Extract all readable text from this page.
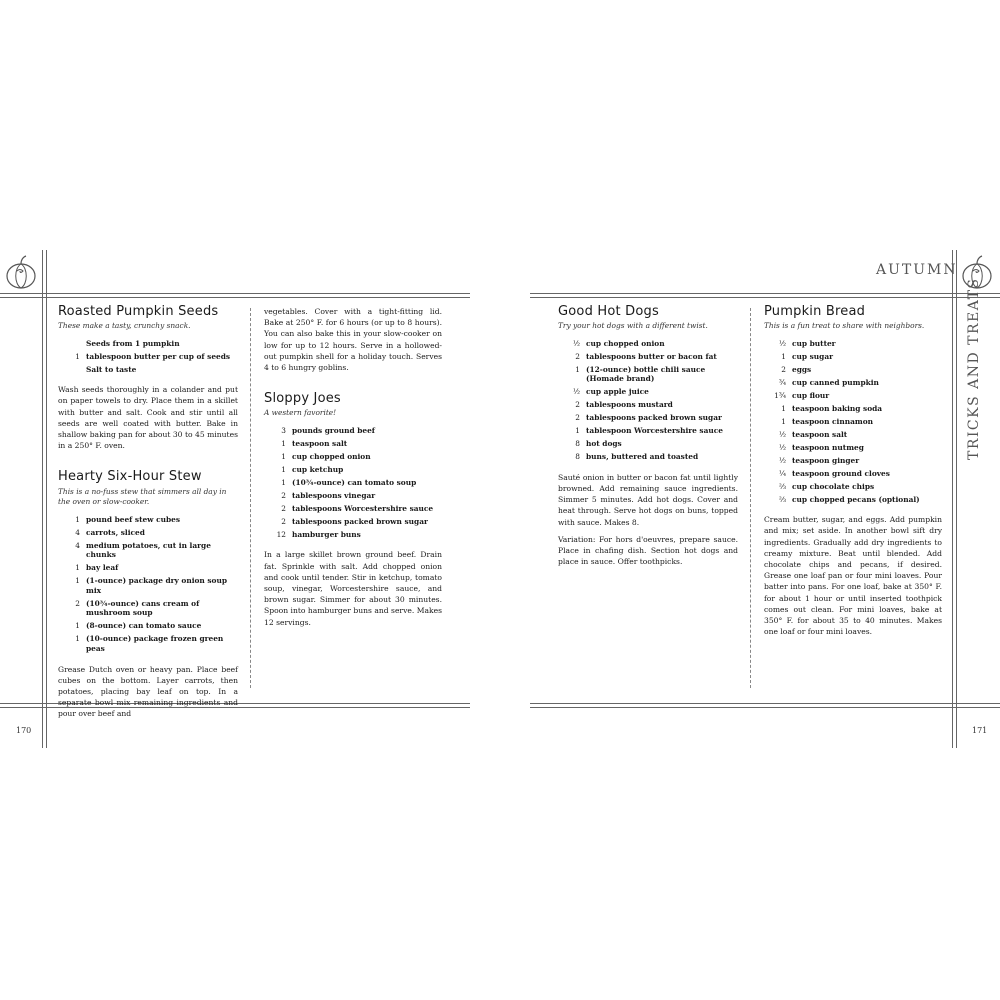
170	171
AUTUMN
TRICKS AND TREATS
Roasted Pumpkin Seeds

These make a tasty, crunchy snack.

Seeds from 1 pumpkin
1 tablespoon butter per cup of seeds
Salt to taste

Wash seeds thoroughly in a colander and put on paper towels to dry. Place them in a skillet with butter and salt. Cook and stir until all seeds are well coated with butter. Bake in shallow baking pan for about 30 to 45 minutes in a 250° F. oven.

Hearty Six-Hour Stew

This is a no-fuss stew that simmers all day in the oven or slow-cooker.

1 pound beef stew cubes
4 carrots, sliced
4 medium potatoes, cut in large chunks
1 bay leaf
1 (1-ounce) package dry onion soup mix
2 (10¾-ounce) cans cream of mushroom soup
1 (8-ounce) can tomato sauce
1 (10-ounce) package frozen green peas

Grease Dutch oven or heavy pan. Place beef cubes on the bottom. Layer carrots, then potatoes, placing bay leaf on top. In a separate bowl mix remaining ingredients and pour over beef and

vegetables. Cover with a tight-fitting lid. Bake at 250° F. for 6 hours (or up to 8 hours). You can also bake this in your slow-cooker on low for up to 12 hours. Serve in a hollowed-out pumpkin shell for a holiday touch. Serves 4 to 6 hungry goblins.

Sloppy Joes

A western favorite!

3 pounds ground beef
1 teaspoon salt
1 cup chopped onion
1 cup ketchup
1 (10¾-ounce) can tomato soup
2 tablespoons vinegar
2 tablespoons Worcestershire sauce
2 tablespoons packed brown sugar
12 hamburger buns

In a large skillet brown ground beef. Drain fat. Sprinkle with salt. Add chopped onion and cook until tender. Stir in ketchup, tomato soup, vinegar, Worcestershire sauce, and brown sugar. Simmer for about 30 minutes. Spoon into hamburger buns and serve. Makes 12 servings.

Good Hot Dogs

Try your hot dogs with a different twist.

½ cup chopped onion
2 tablespoons butter or bacon fat
1 (12-ounce) bottle chili sauce (Homade brand)
½ cup apple juice
2 tablespoons mustard
2 tablespoons packed brown sugar
1 tablespoon Worcestershire sauce
8 hot dogs
8 buns, buttered and toasted

Sauté onion in butter or bacon fat until lightly browned. Add remaining sauce ingredients. Simmer 5 minutes. Add hot dogs. Cover and heat through. Serve hot dogs on buns, topped with sauce. Makes 8.

Variation: For hors d'oeuvres, prepare sauce. Place in chafing dish. Section hot dogs and place in sauce. Offer toothpicks.

Pumpkin Bread

This is a fun treat to share with neighbors.

½ cup butter
1 cup sugar
2 eggs
¾ cup canned pumpkin
1¾ cup flour
1 teaspoon baking soda
1 teaspoon cinnamon
½ teaspoon salt
½ teaspoon nutmeg
½ teaspoon ginger
¼ teaspoon ground cloves
⅔ cup chocolate chips
⅔ cup chopped pecans (optional)

Cream butter, sugar, and eggs. Add pumpkin and mix; set aside. In another bowl sift dry ingredients. Gradually add dry ingredients to creamy mixture. Beat until blended. Add chocolate chips and pecans, if desired. Grease one loaf pan or four mini loaves. Pour batter into pans. For one loaf, bake at 350° F. for about 1 hour or until inserted toothpick comes out clean. For mini loaves, bake at 350° F. for about 35 to 40 minutes. Makes one loaf or four mini loaves.
